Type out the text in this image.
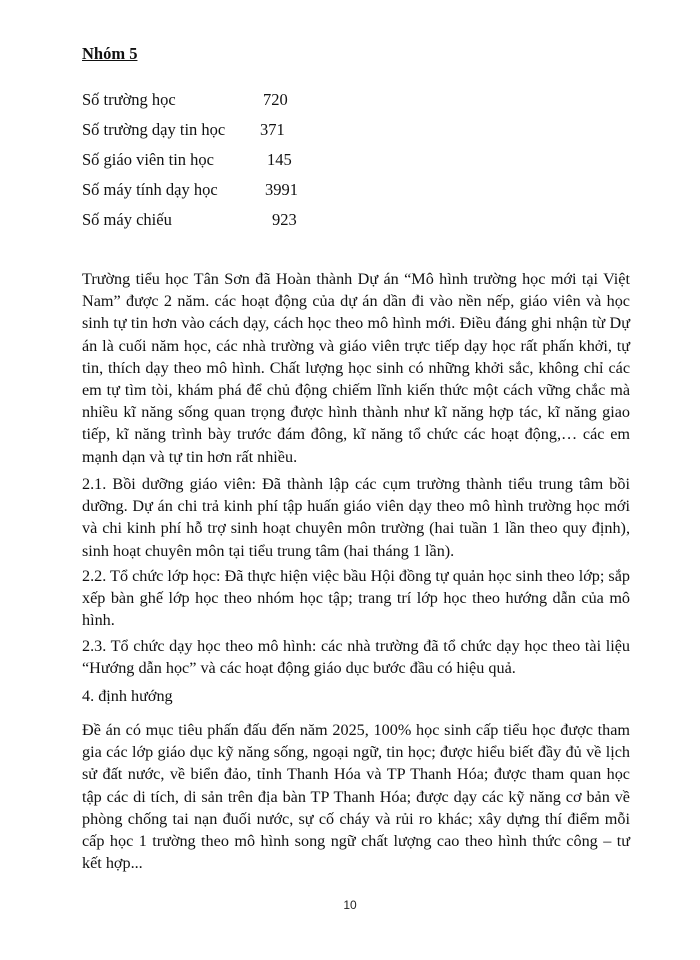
Nhóm 5
Số trường học	720
Số trường dạy tin học 371
Số giáo viên tin học	145
Số máy tính dạy học	3991
Số máy chiếu	923

Trường tiểu học Tân Sơn đã Hoàn thành Dự án “Mô hình trường học mới tại Việt Nam” được 2 năm. các hoạt động của dự án dần đi vào nền nếp, giáo viên và học sinh tự tin hơn vào cách dạy, cách học theo mô hình mới. Điều đáng ghi nhận từ Dự án là cuối năm học, các nhà trường và giáo viên trực tiếp dạy học rất phấn khởi, tự tin, thích dạy theo mô hình. Chất lượng học sinh có những khởi sắc, không chỉ các em tự tìm tòi, khám phá để chủ động chiếm lĩnh kiến thức một cách vững chắc mà nhiều kĩ năng sống quan trọng được hình thành như kĩ năng hợp tác, kĩ năng giao tiếp, kĩ năng trình bày trước đám đông, kĩ năng tổ chức các hoạt động,… các em mạnh dạn và tự tin hơn rất nhiều.

2.1. Bồi dưỡng giáo viên: Đã thành lập các cụm trường thành tiểu trung tâm bồi dưỡng. Dự án chi trả kinh phí tập huấn giáo viên dạy theo mô hình trường học mới và chi kinh phí hỗ trợ sinh hoạt chuyên môn trường (hai tuần 1 lần theo quy định), sinh hoạt chuyên môn tại tiểu trung tâm (hai tháng 1 lần).

2.2. Tổ chức lớp học: Đã thực hiện việc bầu Hội đồng tự quản học sinh theo lớp; sắp xếp bàn ghế lớp học theo nhóm học tập; trang trí lớp học theo hướng dẫn của mô hình.

2.3. Tổ chức dạy học theo mô hình: các nhà trường đã tổ chức dạy học theo tài liệu “Hướng dẫn học” và các hoạt động giáo dục bước đầu có hiệu quả.

4. định hướng

Đề án có mục tiêu phấn đấu đến năm 2025, 100% học sinh cấp tiểu học được tham gia các lớp giáo dục kỹ năng sống, ngoại ngữ, tin học; được hiểu biết đầy đủ về lịch sử đất nước, về biển đảo, tỉnh Thanh Hóa và TP Thanh Hóa; được tham quan học tập các di tích, di sản trên địa bàn TP Thanh Hóa; được dạy các kỹ năng cơ bản về phòng chống tai nạn đuối nước, sự cố cháy và rủi ro khác; xây dựng thí điểm mỗi cấp học 1 trường theo mô hình song ngữ chất lượng cao theo hình thức công – tư kết hợp...

10
